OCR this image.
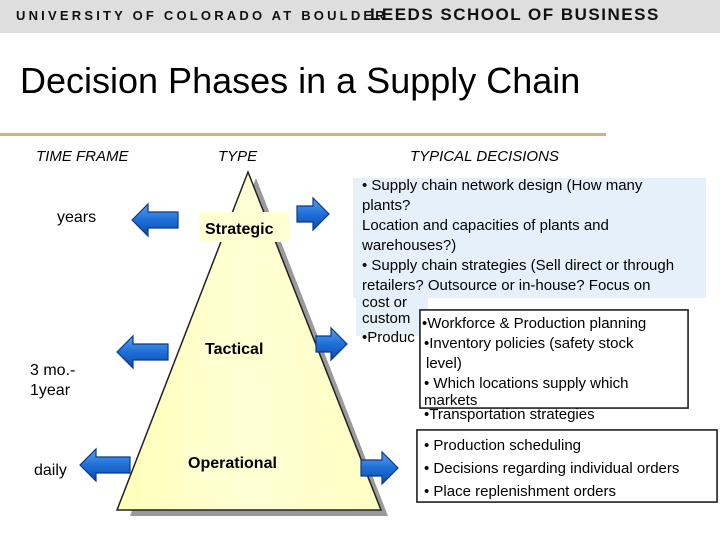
UNIVERSITY OF COLORADO AT BOULDER
LEEDS SCHOOL OF BUSINESS
Decision Phases in a Supply Chain
TIME FRAME	TYPE	TYPICAL DECISIONS
years
3 mo.-
1year
daily
Strategic
Tactical
Operational
• Supply chain network design (How many
plants?
Location and capacities of plants and
warehouses?)
• Supply chain strategies (Sell direct or through
retailers? Outsource or in-house? Focus on
cost or
custom
•Produc
•Workforce & Production planning
•Inventory policies (safety stock
level)
• Which locations supply which
markets
•Transportation strategies
• Production scheduling
• Decisions regarding individual orders
• Place replenishment orders
